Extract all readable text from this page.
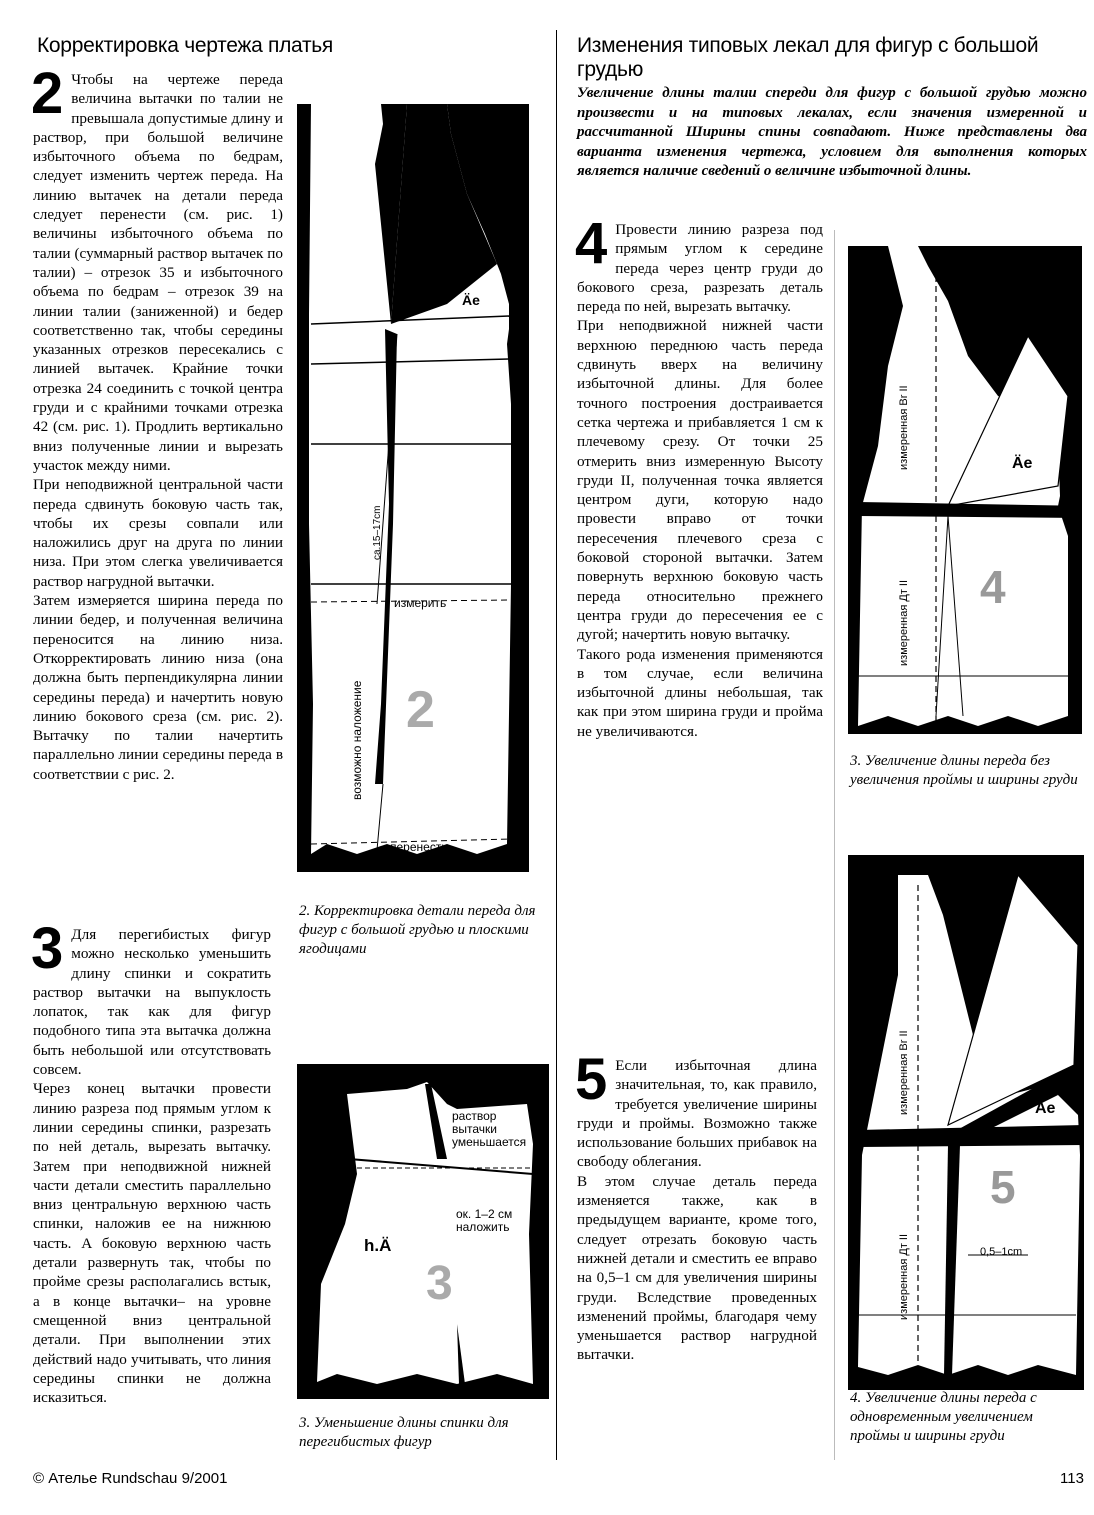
Корректировка чертежа платья	Изменения типовых лекал для фигур с большой грудью
2 Чтобы на чертеже переда величина вытачки по талии не превышала допустимые длину и раствор, при большой величине избыточного объема по бедрам, следует изменить чертеж переда. На линию вытачек на детали переда следует перенести (см. рис. 1) величины избыточного объема по талии (суммарный раствор вытачек по талии) – отрезок 35 и избыточного объема по бедрам – отрезок 39 на линии талии (заниженной) и бедер соответственно так, чтобы середины указанных отрезков пересекались с линией вытачек. Крайние точки отрезка 24 соединить с точкой центра груди и с крайними точками отрезка 42 (см. рис. 1). Продлить вертикально вниз полученные линии и вырезать участок между ними.

При неподвижной центральной части переда сдвинуть боковую часть так, чтобы их срезы совпали или наложились друг на друга по линии низа. При этом слегка увеличивается раствор нагрудной вытачки.

Затем измеряется ширина переда по линии бедер, и полученная величина переносится на линию низа. Откорректировать линию низа (она должна быть перпендикулярна линии середины переда) и начертить новую линию бокового среза (см. рис. 2). Вытачку по талии начертить параллельно линии середины переда в соответствии с рис. 2.

3 Для перегибистых фигур можно несколько уменьшить длину спинки и сократить раствор вытачки на выпуклость лопаток, так как для фигур подобного типа эта вытачка должна быть небольшой или отсутствовать совсем.

Через конец вытачки провести линию разреза под прямым углом к линии середины спинки, разрезать по ней деталь, вырезать вытачку. Затем при неподвижной нижней части детали сместить параллельно вниз центральную верхнюю часть спинки, наложив ее на нижнюю часть. А боковую верхнюю часть детали развернуть так, чтобы по пройме срезы располагались встык, а в конце вытачки– на уровне смещенной вниз центральной детали. При выполнении этих действий надо учитывать, что линия середины спинки не должна исказиться.

Äe
измерить
перенести
2
возможно наложение
ca.15–17cm
2. Корректировка детали переда для фигур с большой грудью и плоскими ягодицами
раствор вытачки уменьшается
ок. 1–2 см наложить
h.Ä
3
3. Уменьшение длины спинки для перегибистых фигур
Увеличение длины талии спереди для фигур с большой грудью можно произвести и на типовых лекалах, если значения измеренной и рассчитанной Ширины спины совпадают. Ниже представлены два варианта изменения чертежа, условием для выполнения которых является наличие сведений о величине избыточной длины.
4 Провести линию разреза под прямым углом к середине переда через центр груди до бокового среза, разрезать деталь переда по ней, вырезать вытачку.

При неподвижной нижней части верхнюю переднюю часть переда сдвинуть вверх на величину избыточной длины. Для более точного построения достраивается сетка чертежа и прибавляется 1 см к плечевому срезу. От точки 25 отмерить вниз измеренную Высоту груди II, полученная точка является центром дуги, которую надо провести вправо от точки пересечения плечевого среза с боковой стороной вытачки. Затем повернуть верхнюю боковую часть переда относительно прежнего центра груди до пересечения ее с дугой; начертить новую вытачку.

Такого рода изменения применяются в том случае, если величина избыточной длины небольшая, так как при этом ширина груди и пройма не увеличиваются.

5 Если избыточная длина значительная, то, как правило, требуется увеличение ширины груди и проймы. Возможно также использование больших прибавок на свободу облегания.

В этом случае деталь переда изменяется также, как в предыдущем варианте, кроме того, следует отрезать боковую часть нижней детали и сместить ее вправо на 0,5–1 см для увеличения ширины груди. Вследствие проведенных изменений проймы, благодаря чему уменьшается раствор нагрудной вытачки.

Äe
измеренная Br II
измеренная Дт II 4
3. Увеличение длины переда без увеличения проймы и ширины груди
Äe
измеренная Br II
измеренная Дт II	0,5–1cm
5
4. Увеличение длины переда с одновременным увеличением проймы и ширины груди
© Ателье Rundschau 9/2001	113
